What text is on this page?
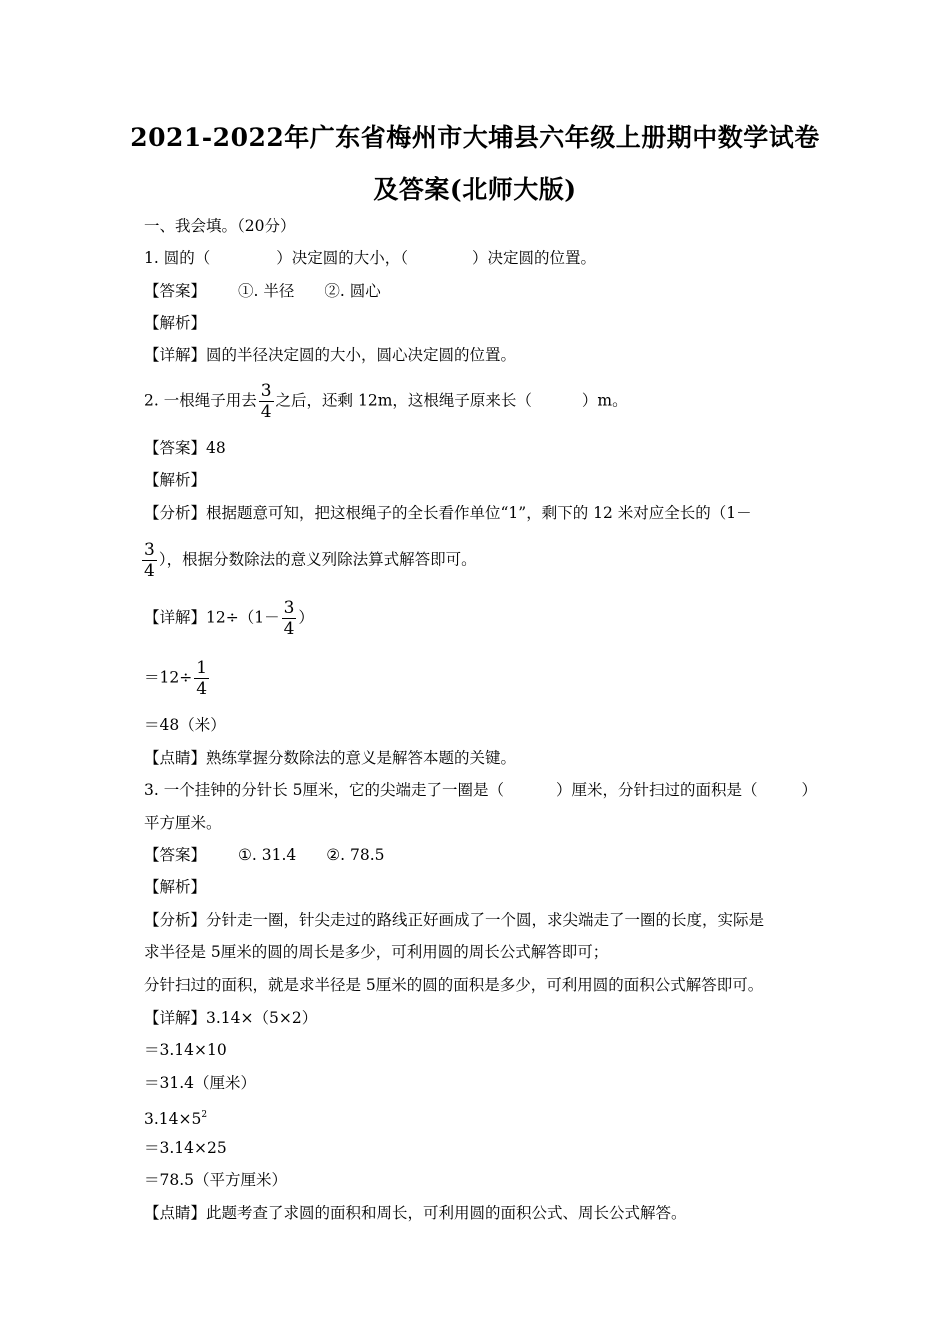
2021-2022年广东省梅州市大埔县六年级上册期中数学试卷
及答案(北师大版)
一、我会填。（20分）
1. 圆的（	）决定圆的大小，（	）决定圆的位置。
【答案】 ①. 半径 ②. 圆心
【解析】
【详解】圆的半径决定圆的大小，圆心决定圆的位置。
2. 一根绳子用去 $\frac{3}{4}$ 之后，还剩 12m，这根绳子原来长（	）m。
【答案】48
【解析】
【分析】根据题意可知，把这根绳子的全长看作单位“1”，剩下的 12 米对应全长的（1－
$\frac{3}{4}$ ），根据分数除法的意义列除法算式解答即可。
【详解】$12\div(1- \frac{3}{4}$ ）
$=12\div \frac{1}{4}$
＝48（米）
【点睛】熟练掌握分数除法的意义是解答本题的关键。
3. 一个挂钟的分针长 5厘米，它的尖端走了一圈是（	）厘米，分针扫过的面积是（	）
平方厘米。
【答案】 ①. 31.4 ②. 78.5
【解析】
【分析】分针走一圈，针尖走过的路线正好画成了一个圆，求尖端走了一圈的长度，实际是
求半径是 5厘米的圆的周长是多少，可利用圆的周长公式解答即可；
分针扫过的面积，就是求半径是 5厘米的圆的面积是多少，可利用圆的面积公式解答即可。
【详解】3.14×（5×2）
＝3.14×10
＝31.4（厘米）
$3.14\times 5^2$
＝3.14×25
＝78.5（平方厘米）
【点睛】此题考查了求圆的面积和周长，可利用圆的面积公式、周长公式解答。
